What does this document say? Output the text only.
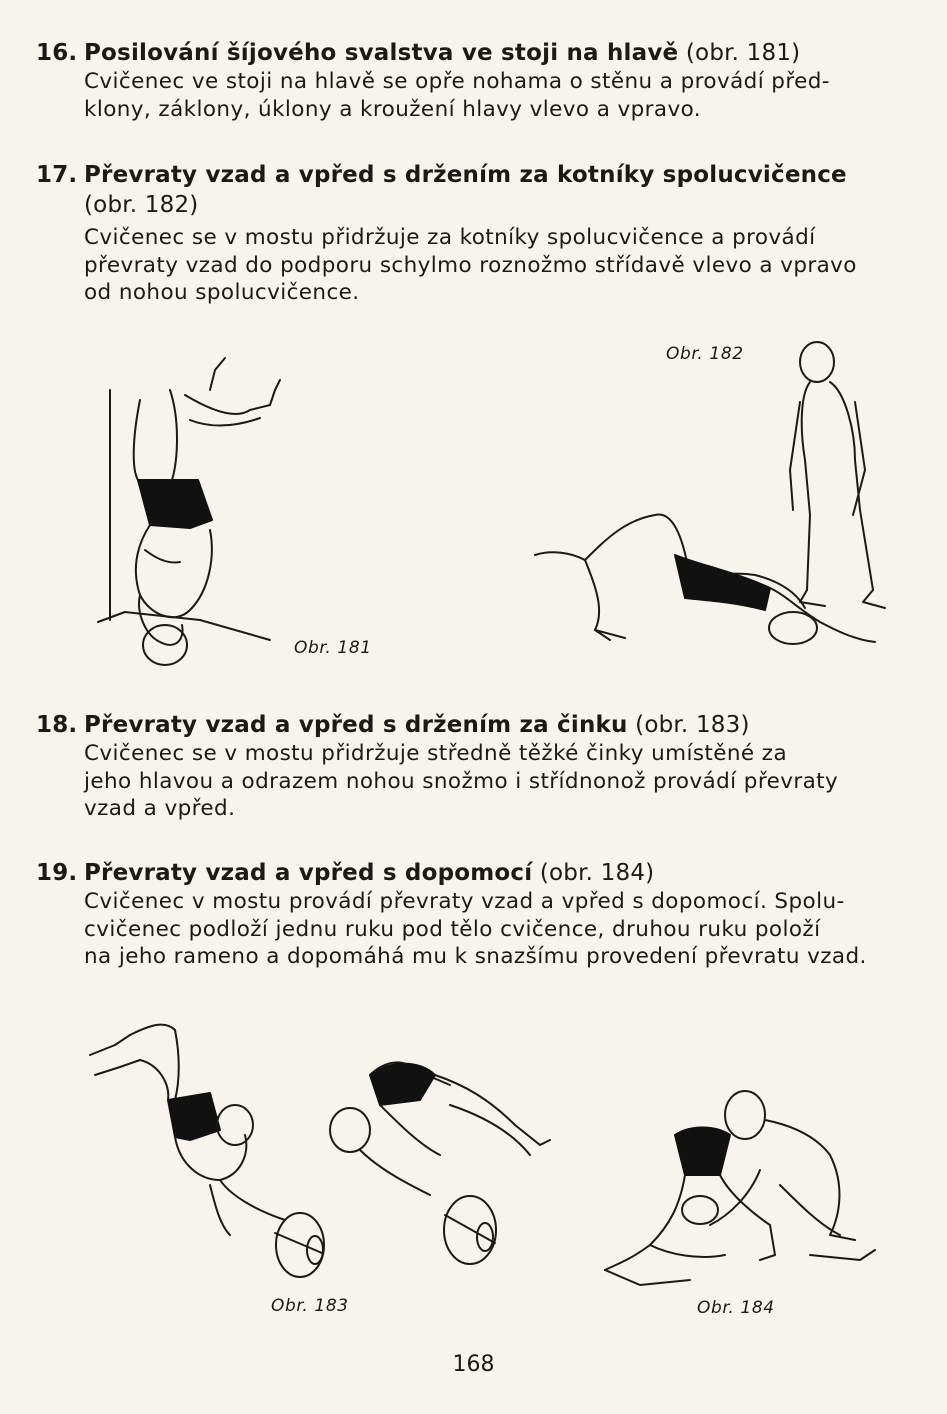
16. Posilování šíjového svalstva ve stoji na hlavě (obr. 181)
Cvičenec ve stoji na hlavě se opře nohama o stěnu a provádí před-
klony, záklony, úklony a kroužení hlavy vlevo a vpravo.
17. Převraty vzad a vpřed s držením za kotníky spolucvičence
(obr. 182)
Cvičenec se v mostu přidržuje za kotníky spolucvičence a provádí
převraty vzad do podporu schylmo roznožmo střídavě vlevo a vpravo
od nohou spolucvičence.
Obr. 181
Obr. 182
18. Převraty vzad a vpřed s držením za činku (obr. 183)
Cvičenec se v mostu přidržuje středně těžké činky umístěné za
jeho hlavou a odrazem nohou snožmo i střídnonož provádí převraty
vzad a vpřed.
19. Převraty vzad a vpřed s dopomocí (obr. 184)
Cvičenec v mostu provádí převraty vzad a vpřed s dopomocí. Spolu-
cvičenec podloží jednu ruku pod tělo cvičence, druhou ruku položí
na jeho rameno a dopomáhá mu k snazšímu provedení převratu vzad.
Obr. 183	Obr. 184
168
